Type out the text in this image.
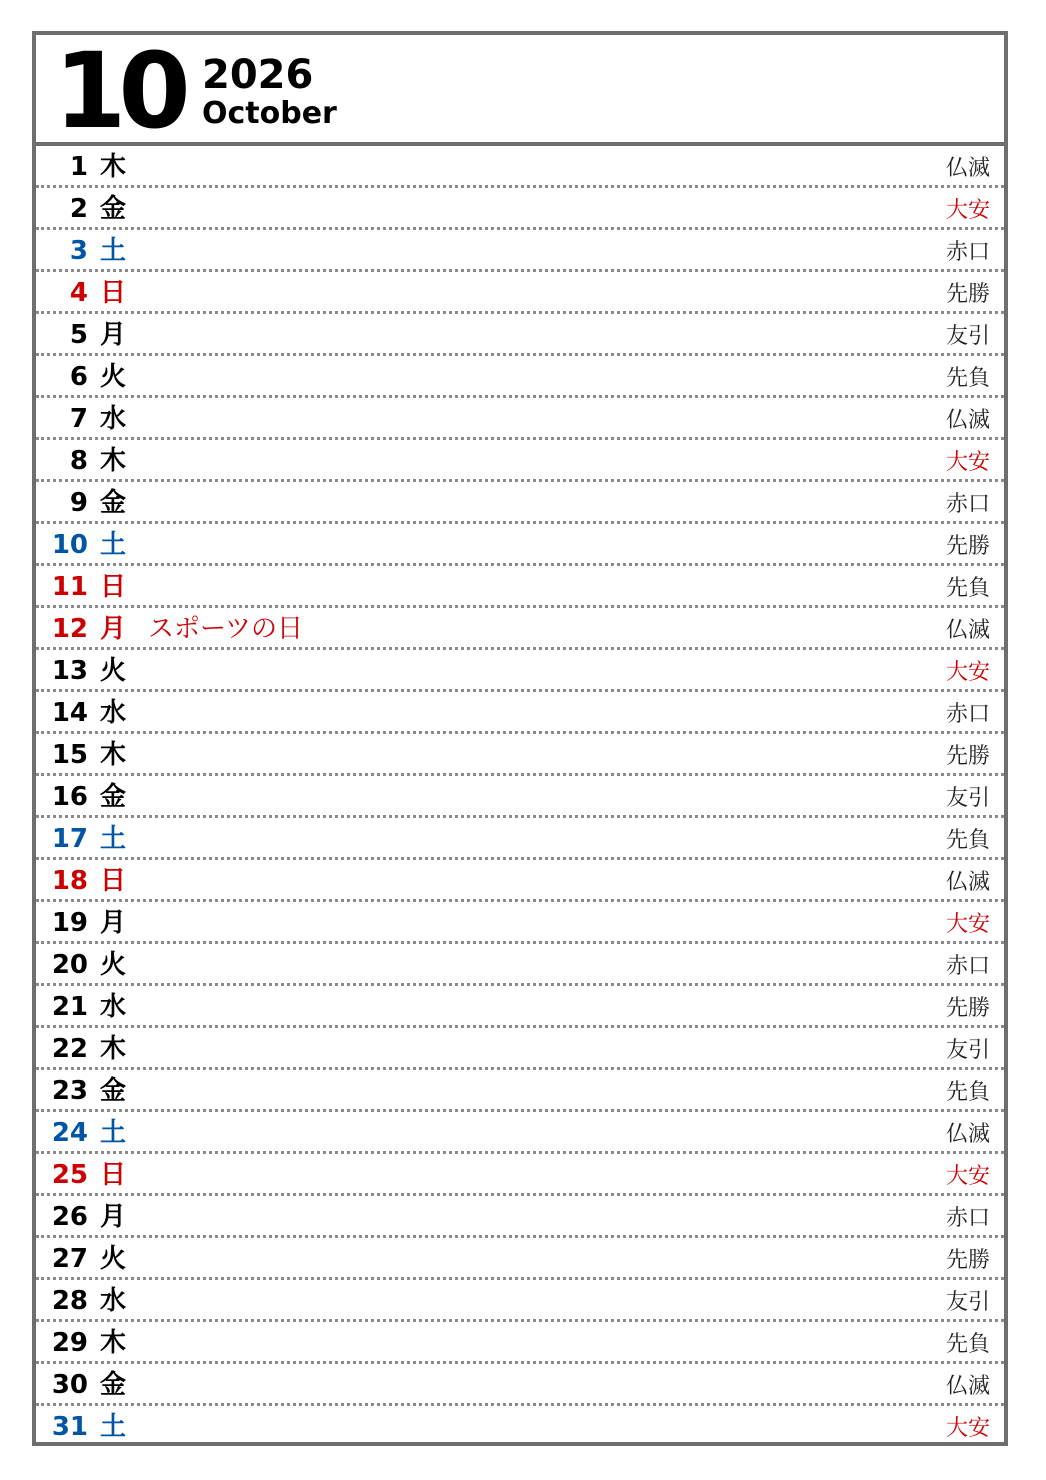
10 2026
October
1 木	仏滅
2 金	大安
3 土	赤口
4 日	先勝
5 月	友引
6 火	先負
7 水	仏滅
8 木	大安
9 金	赤口
10 土	先勝
11 日	先負
12 月 スポーツの日	仏滅
13 火	大安
14 水	赤口
15 木	先勝
16 金	友引
17 土	先負
18 日	仏滅
19 月	大安
20 火	赤口
21 水	先勝
22 木	友引
23 金	先負
24 土	仏滅
25 日	大安
26 月	赤口
27 火	先勝
28 水	友引
29 木	先負
30 金	仏滅
31 土	大安
